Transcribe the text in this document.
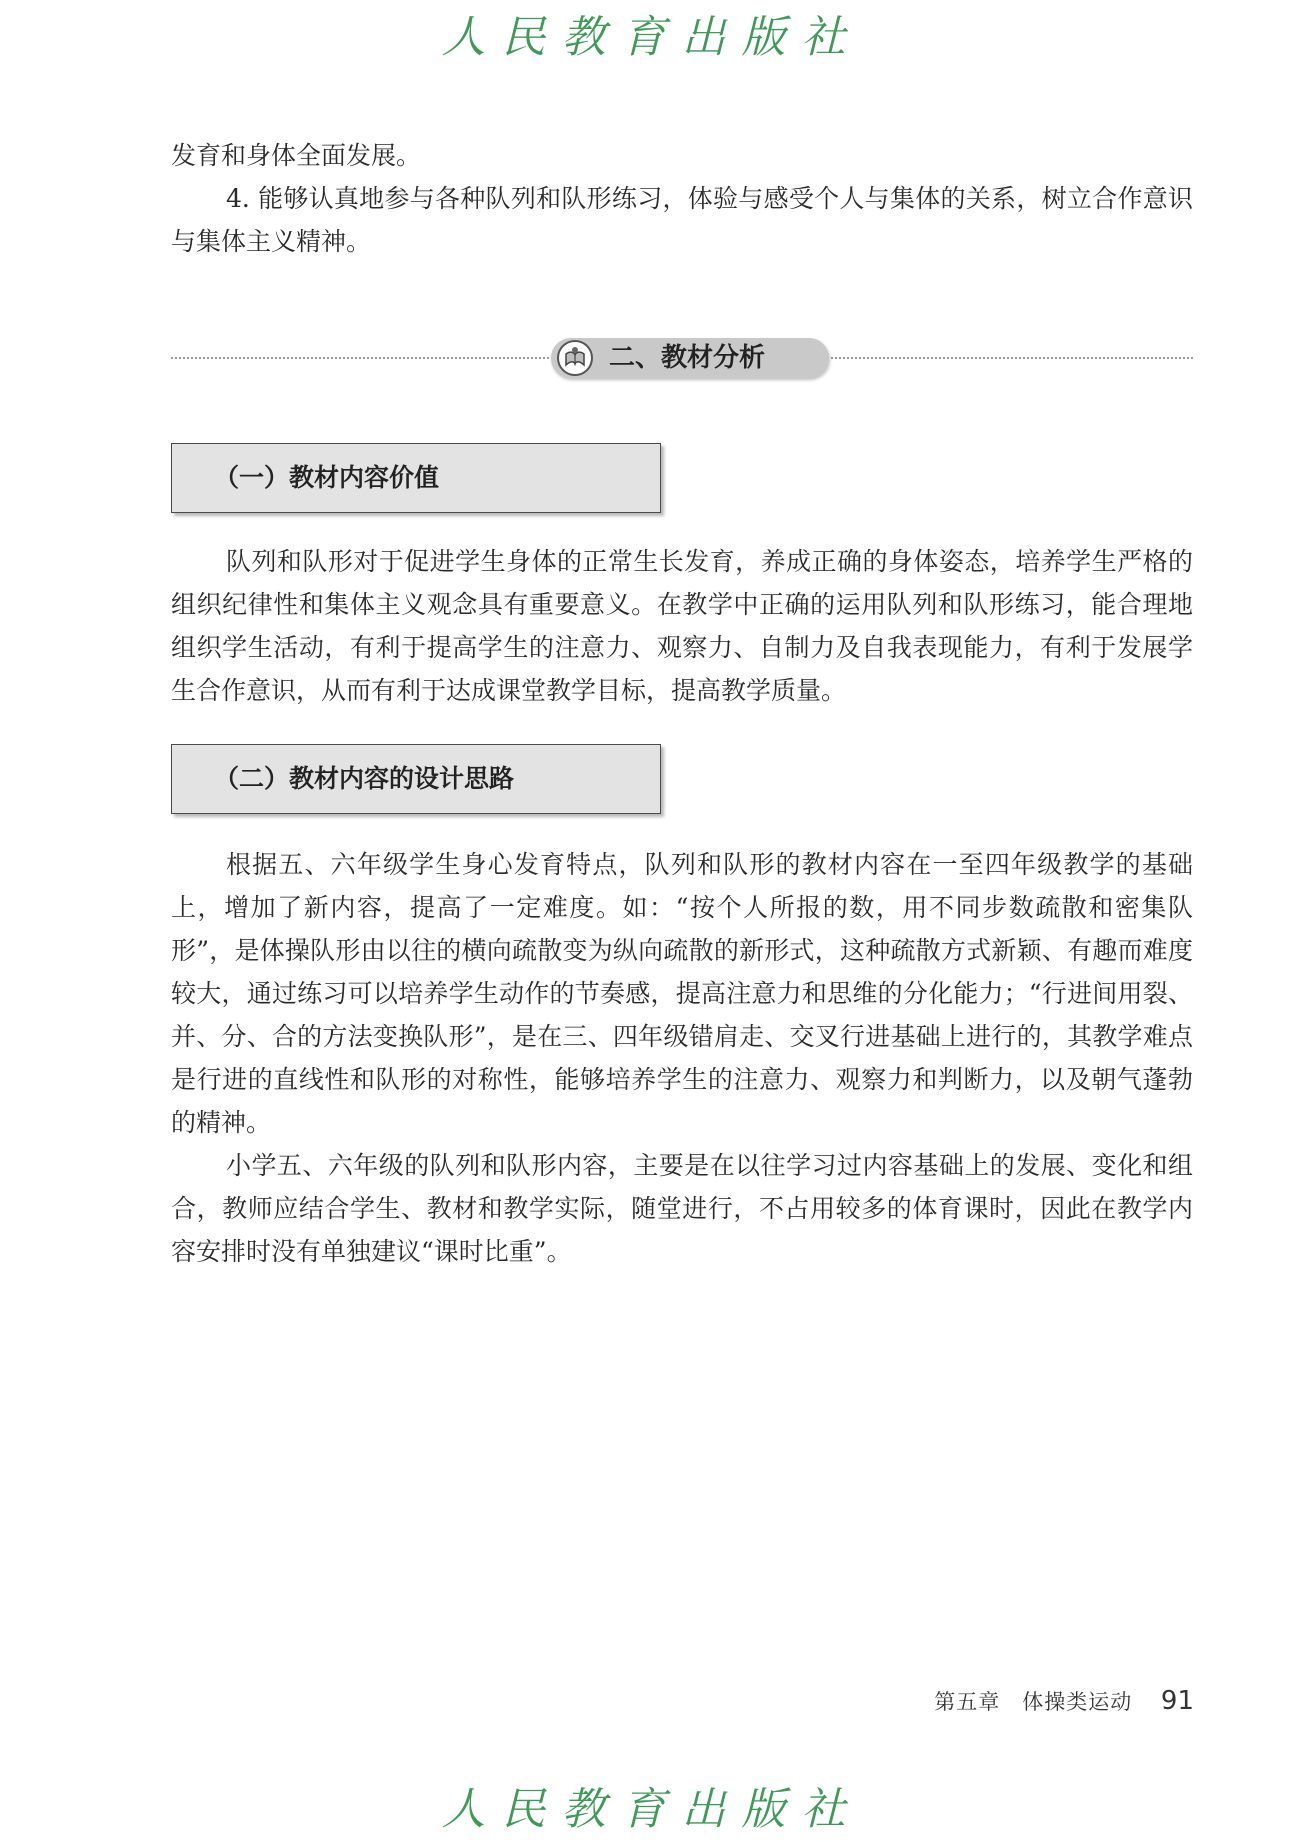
人民教育出版社

发育和身体全面发展。

4. 能够认真地参与各种队列和队形练习，体验与感受个人与集体的关系，树立合作意识与集体主义精神。

二、教材分析
（一）教材内容价值

队列和队形对于促进学生身体的正常生长发育，养成正确的身体姿态，培养学生严格的组织纪律性和集体主义观念具有重要意义。在教学中正确的运用队列和队形练习，能合理地组织学生活动，有利于提高学生的注意力、观察力、自制力及自我表现能力，有利于发展学生合作意识，从而有利于达成课堂教学目标，提高教学质量。

（二）教材内容的设计思路

根据五、六年级学生身心发育特点，队列和队形的教材内容在一至四年级教学的基础上，增加了新内容，提高了一定难度。如：“按个人所报的数，用不同步数疏散和密集队形”，是体操队形由以往的横向疏散变为纵向疏散的新形式，这种疏散方式新颖、有趣而难度较大，通过练习可以培养学生动作的节奏感，提高注意力和思维的分化能力；“行进间用裂、并、分、合的方法变换队形”，是在三、四年级错肩走、交叉行进基础上进行的，其教学难点是行进的直线性和队形的对称性，能够培养学生的注意力、观察力和判断力，以及朝气蓬勃的精神。

小学五、六年级的队列和队形内容，主要是在以往学习过内容基础上的发展、变化和组合，教师应结合学生、教材和教学实际，随堂进行，不占用较多的体育课时，因此在教学内容安排时没有单独建议“课时比重”。

第五章　体操类运动 91
人民教育出版社
